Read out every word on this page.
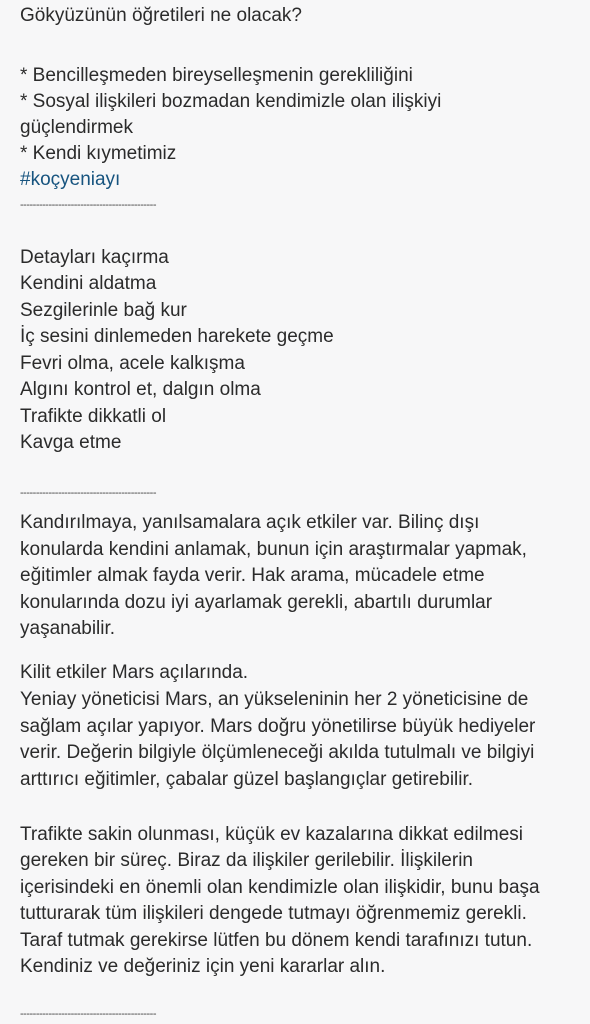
Gökyüzünün öğretileri ne olacak?
* Bencilleşmeden bireyselleşmenin gerekliliğini
* Sosyal ilişkileri bozmadan kendimizle olan ilişkiyi
güçlendirmek
* Kendi kıymetimiz
#koçyeniayı
-------------------------------------------
Detayları kaçırma
Kendini aldatma
Sezgilerinle bağ kur
İç sesini dinlemeden harekete geçme
Fevri olma, acele kalkışma
Algını kontrol et, dalgın olma
Trafikte dikkatli ol
Kavga etme
-------------------------------------------
Kandırılmaya, yanılsamalara açık etkiler var. Bilinç dışı
konularda kendini anlamak, bunun için araştırmalar yapmak,
eğitimler almak fayda verir. Hak arama, mücadele etme
konularında dozu iyi ayarlamak gerekli, abartılı durumlar
yaşanabilir.
Kilit etkiler Mars açılarında.
Yeniay yöneticisi Mars, an yükseleninin her 2 yöneticisine de
sağlam açılar yapıyor. Mars doğru yönetilirse büyük hediyeler
verir. Değerin bilgiyle ölçümleneceği akılda tutulmalı ve bilgiyi
arttırıcı eğitimler, çabalar güzel başlangıçlar getirebilir.
Trafikte sakin olunması, küçük ev kazalarına dikkat edilmesi
gereken bir süreç. Biraz da ilişkiler gerilebilir. İlişkilerin
içerisindeki en önemli olan kendimizle olan ilişkidir, bunu başa
tutturarak tüm ilişkileri dengede tutmayı öğrenmemiz gerekli.
Taraf tutmak gerekirse lütfen bu dönem kendi tarafınızı tutun.
Kendiniz ve değeriniz için yeni kararlar alın.
-------------------------------------------
